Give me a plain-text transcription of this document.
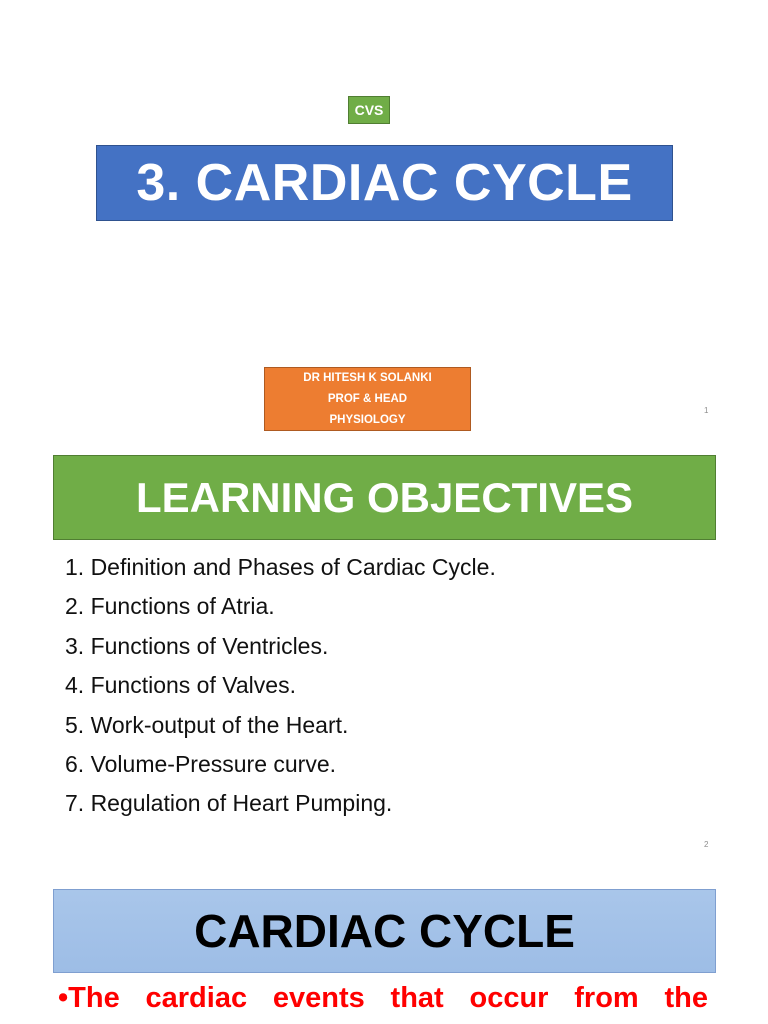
CVS
3. CARDIAC CYCLE
DR HITESH K SOLANKI
PROF & HEAD
PHYSIOLOGY
1
LEARNING OBJECTIVES
1. Definition and Phases of Cardiac Cycle.
2. Functions of Atria.
3. Functions of Ventricles.
4. Functions of Valves.
5. Work-output of the Heart.
6. Volume-Pressure curve.
7. Regulation of Heart Pumping.
2
CARDIAC CYCLE
•The cardiac events that occur from the
